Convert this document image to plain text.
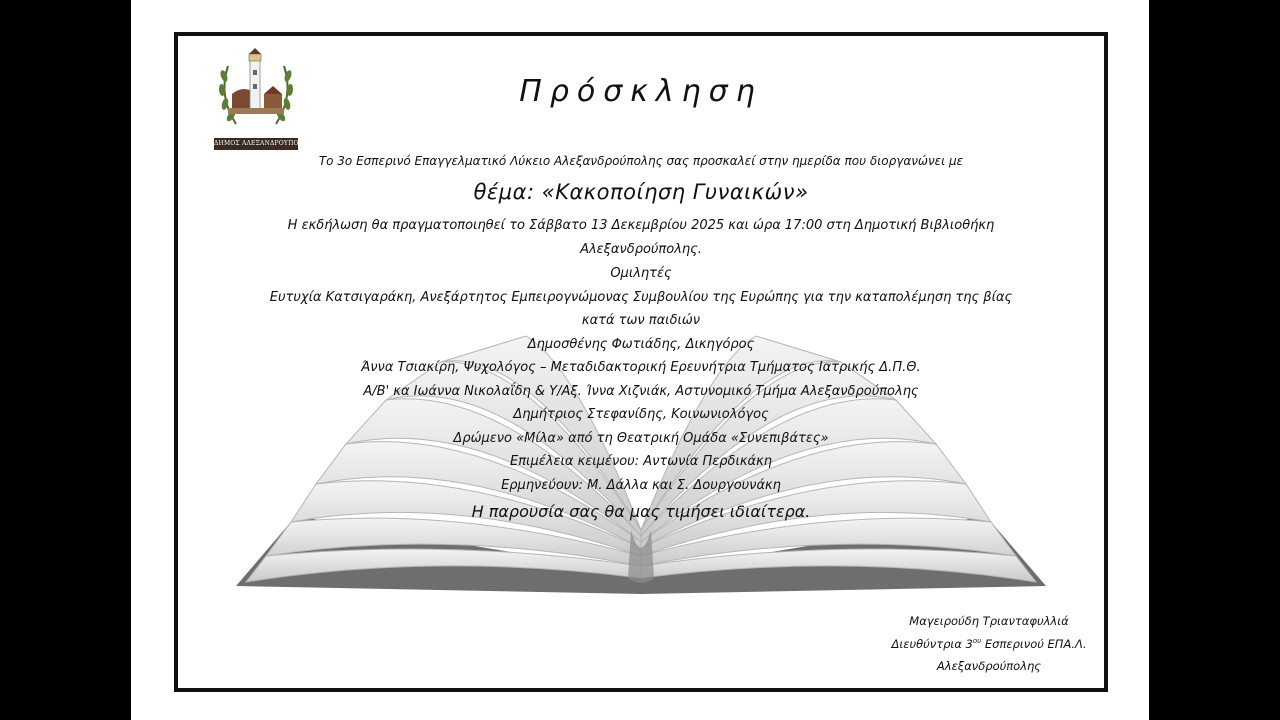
ΔΗΜΟΣ ΑΛΕΞΑΝΔΡΟΥΠΟΛΗΣ
Πρόσκληση
Το 3ο Εσπερινό Επαγγελματικό Λύκειο Αλεξανδρούπολης σας προσκαλεί στην ημερίδα που διοργανώνει με
θέμα: «Κακοποίηση Γυναικών»
Η εκδήλωση θα πραγματοποιηθεί το Σάββατο 13 Δεκεμβρίου 2025 και ώρα 17:00 στη Δημοτική Βιβλιοθήκη
Αλεξανδρούπολης.
Ομιλητές
Ευτυχία Κατσιγαράκη, Ανεξάρτητος Εμπειρογνώμονας Συμβουλίου της Ευρώπης για την καταπολέμηση της βίας
κατά των παιδιών
Δημοσθένης Φωτιάδης, Δικηγόρος
Άννα Τσιακίρη, Ψυχολόγος – Μεταδιδακτορική Ερευνήτρια Τμήματος Ιατρικής Δ.Π.Θ.
Α/Β' κα Ιωάννα Νικολαΐδη & Υ/Αξ. Ίννα Χιζνιάκ, Αστυνομικό Τμήμα Αλεξανδρούπολης
Δημήτριος Στεφανίδης, Κοινωνιολόγος
Δρώμενο «Μίλα» από τη Θεατρική Ομάδα «Συνεπιβάτες»
Επιμέλεια κειμένου: Αντωνία Περδικάκη
Ερμηνεύουν: Μ. Δάλλα και Σ. Δουργουνάκη
Η παρουσία σας θα μας τιμήσει ιδιαίτερα.
Μαγειρούδη Τριανταφυλλιά
Διευθύντρια $3^{o\upsilon}$ Εσπερινού ΕΠΑ.Λ.
Αλεξανδρούπολης
